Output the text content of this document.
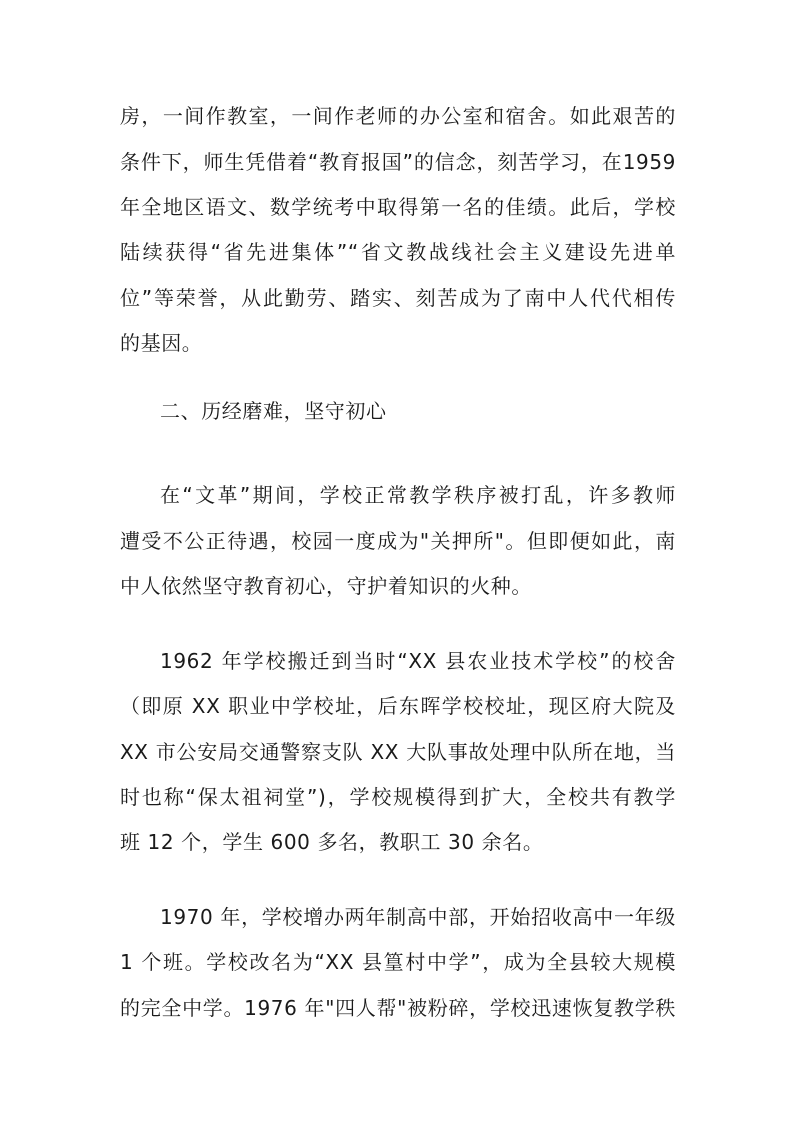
房，一间作教室，一间作老师的办公室和宿舍。如此艰苦的
条件下，师生凭借着“教育报国”的信念，刻苦学习，在1959
年全地区语文、数学统考中取得第一名的佳绩。此后，学校
陆续获得“省先进集体”“省文教战线社会主义建设先进单
位”等荣誉，从此勤劳、踏实、刻苦成为了南中人代代相传
的基因。
二、历经磨难，坚守初心
在“文革”期间，学校正常教学秩序被打乱，许多教师
遭受不公正待遇，校园一度成为"关押所"。但即便如此，南
中人依然坚守教育初心，守护着知识的火种。
1962 年学校搬迁到当时“XX 县农业技术学校”的校舍
（即原 XX 职业中学校址，后东晖学校校址，现区府大院及
XX 市公安局交通警察支队 XX 大队事故处理中队所在地，当
时也称“保太祖祠堂”)，学校规模得到扩大，全校共有教学
班 12 个，学生 600 多名，教职工 30 余名。
1970 年，学校增办两年制高中部，开始招收高中一年级
1 个班。学校改名为“XX 县篁村中学”，成为全县较大规模
的完全中学。1976 年"四人帮"被粉碎，学校迅速恢复教学秩
